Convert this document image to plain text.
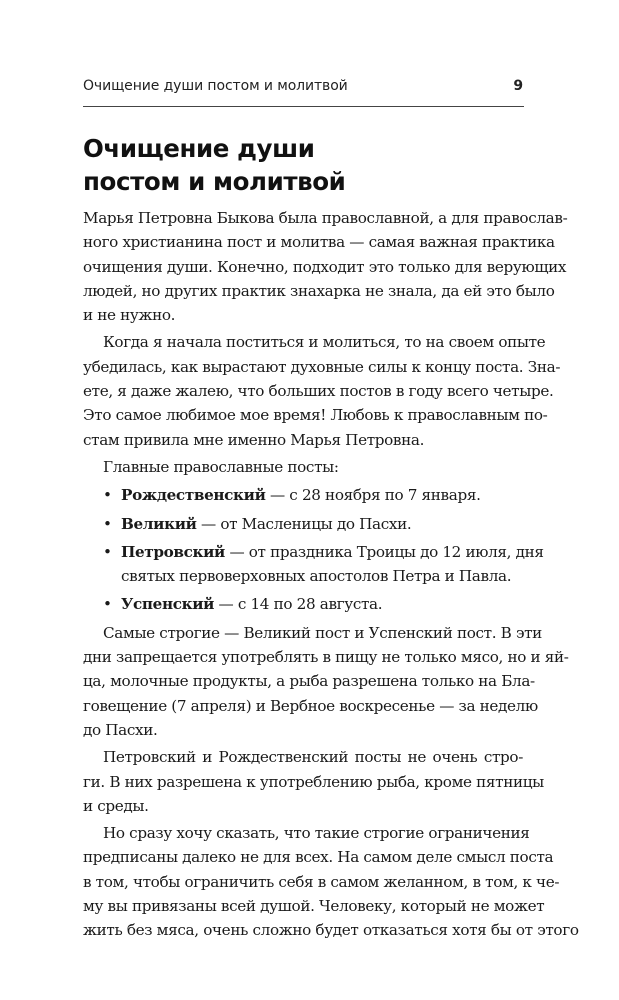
Очищение души постом и молитвой	9
Очищение души
постом и молитвой
Марья Петровна Быкова была православной, а для православ-
ного христианина пост и молитва — самая важная практика
очищения души. Конечно, подходит это только для верующих
людей, но других практик знахарка не знала, да ей это было
и не нужно.
Когда я начала поститься и молиться, то на своем опыте
убедилась, как вырастают духовные силы к концу поста. Зна-
ете, я даже жалею, что больших постов в году всего четыре.
Это самое любимое мое время! Любовь к православным по-
стам привила мне именно Марья Петровна.
Главные православные посты:
• Рождественский — с 28 ноября по 7 января.
• Великий — от Масленицы до Пасхи.
• Петровский — от праздника Троицы до 12 июля, дня
святых первоверховных апостолов Петра и Павла.
• Успенский — с 14 по 28 августа.
Самые строгие — Великий пост и Успенский пост. В эти
дни запрещается употреблять в пищу не только мясо, но и яй-
ца, молочные продукты, а рыба разрешена только на Бла-
говещение (7 апреля) и Вербное воскресенье — за неделю
до Пасхи.
Петровский и Рождественский посты не очень стро-
ги. В них разрешена к употреблению рыба, кроме пятницы
и среды.
Но сразу хочу сказать, что такие строгие ограничения
предписаны далеко не для всех. На самом деле смысл поста
в том, чтобы ограничить себя в самом желанном, в том, к че-
му вы привязаны всей душой. Человеку, который не может
жить без мяса, очень сложно будет отказаться хотя бы от этого
